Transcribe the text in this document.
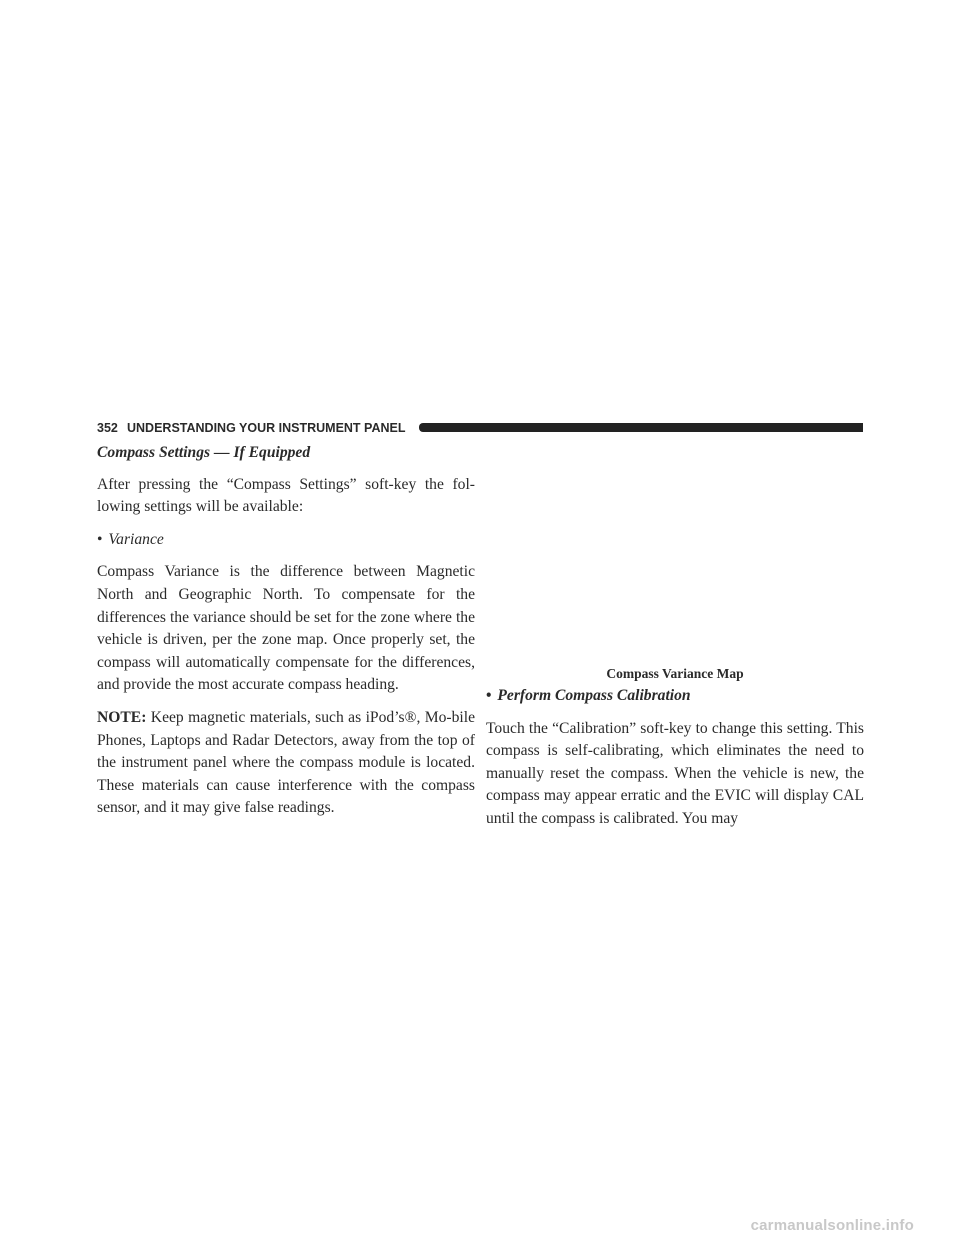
352 UNDERSTANDING YOUR INSTRUMENT PANEL

Compass Settings — If Equipped

After pressing the “Compass Settings” soft-key the fol-lowing settings will be available:

• Variance

Compass Variance is the difference between Magnetic North and Geographic North. To compensate for the differences the variance should be set for the zone where the vehicle is driven, per the zone map. Once properly set, the compass will automatically compensate for the differences, and provide the most accurate compass heading.

NOTE: Keep magnetic materials, such as iPod’s®, Mo-bile Phones, Laptops and Radar Detectors, away from the top of the instrument panel where the compass module is located. These materials can cause interference with the compass sensor, and it may give false readings.

Compass Variance Map
• Perform Compass Calibration

Touch the “Calibration” soft-key to change this setting. This compass is self-calibrating, which eliminates the need to manually reset the compass. When the vehicle is new, the compass may appear erratic and the EVIC will display CAL until the compass is calibrated. You may

carmanualsonline.info
